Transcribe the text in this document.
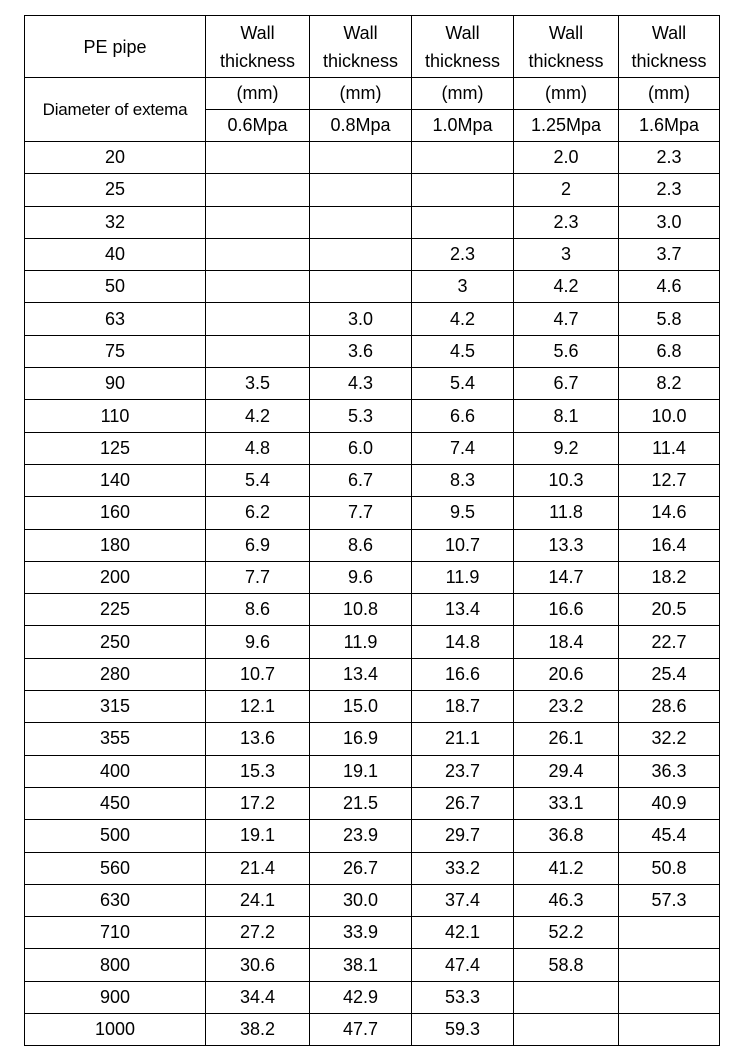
PE pipe	Wall thickness	Wall thickness	Wall thickness	Wall thickness	Wall thickness
Diameter of extema	(mm)	(mm)	(mm)	(mm)	(mm)
	0.6Mpa	0.8Mpa	1.0Mpa	1.25Mpa	1.6Mpa
20				2.0	2.3
25				2	2.3
32				2.3	3.0
40			2.3	3	3.7
50			3	4.2	4.6
63		3.0	4.2	4.7	5.8
75		3.6	4.5	5.6	6.8
90	3.5	4.3	5.4	6.7	8.2
110	4.2	5.3	6.6	8.1	10.0
125	4.8	6.0	7.4	9.2	11.4
140	5.4	6.7	8.3	10.3	12.7
160	6.2	7.7	9.5	11.8	14.6
180	6.9	8.6	10.7	13.3	16.4
200	7.7	9.6	11.9	14.7	18.2
225	8.6	10.8	13.4	16.6	20.5
250	9.6	11.9	14.8	18.4	22.7
280	10.7	13.4	16.6	20.6	25.4
315	12.1	15.0	18.7	23.2	28.6
355	13.6	16.9	21.1	26.1	32.2
400	15.3	19.1	23.7	29.4	36.3
450	17.2	21.5	26.7	33.1	40.9
500	19.1	23.9	29.7	36.8	45.4
560	21.4	26.7	33.2	41.2	50.8
630	24.1	30.0	37.4	46.3	57.3
710	27.2	33.9	42.1	52.2	
800	30.6	38.1	47.4	58.8	
900	34.4	42.9	53.3		
1000	38.2	47.7	59.3		
